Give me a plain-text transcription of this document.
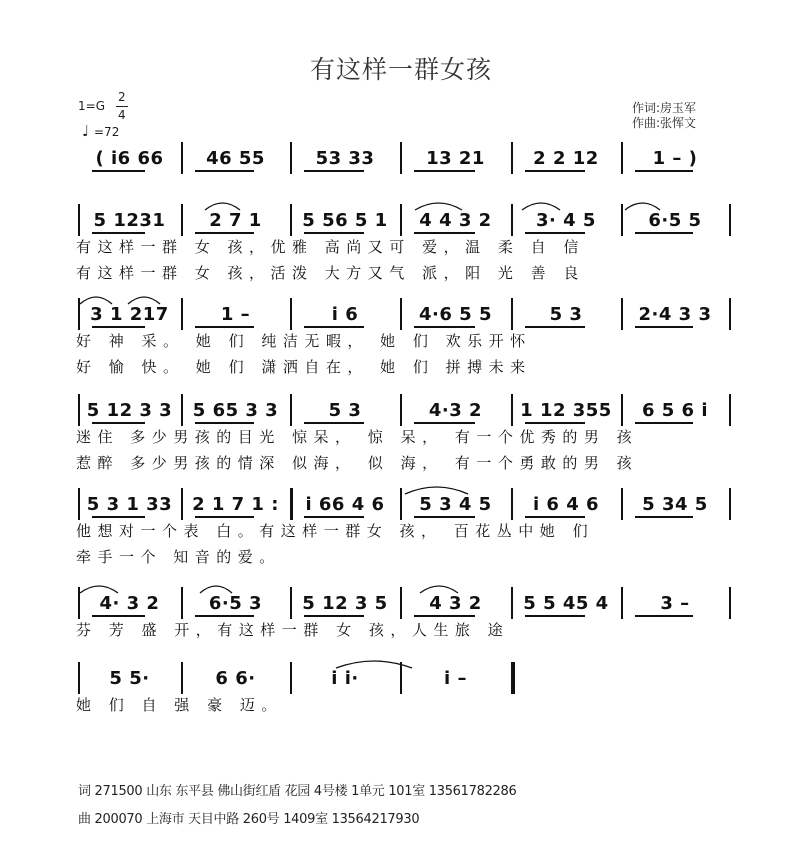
有这样一群女孩
1=G
2
4
♩ =72
作词:房玉军
作曲:张恽文
( i6 66	46 55	53 33	13 21	2 2 12	1 – )
5 1231	2 7 1	5 56 5 1	4 4 3 2	3· 4 5	6·5 5
有这样一群 女 孩，优雅 高尚又可 爱，温 柔 自 信
有这样一群 女 孩，活泼 大方又气 派，阳 光 善 良
3 1 217	1 –	i 6	4·6 5 5	5 3	2·4 3 3
好 神 采。 她 们 纯洁无暇， 她 们 欢乐开怀
好 愉 快。 她 们 潇洒自在， 她 们 拼搏未来
5 12 3 3	5 65 3 3	5 3	4·3 2	1 12 355	6 5 6 i
迷住 多少男孩的目光 惊呆， 惊 呆， 有一个优秀的男 孩
惹醉 多少男孩的情深 似海， 似 海， 有一个勇敢的男 孩
5 3 1 33	2 1 7 1 :	i 66 4 6	5 3 4 5	i 6 4 6	5 34 5
他想对一个表 白。有这样一群女 孩， 百花丛中她 们
牵手一个 知音的爱。
4· 3 2	6·5 3	5 12 3 5	4 3 2	5 5 45 4	3 –
芬 芳 盛 开，有这样一群 女 孩，人生旅 途
5 5·	6 6·	i i·	i –
她 们 自 强 豪 迈。
词 271500 山东 东平县 佛山街红盾 花园 4号楼 1单元 101室 13561782286
曲 200070 上海市 天目中路 260号 1409室 13564217930
